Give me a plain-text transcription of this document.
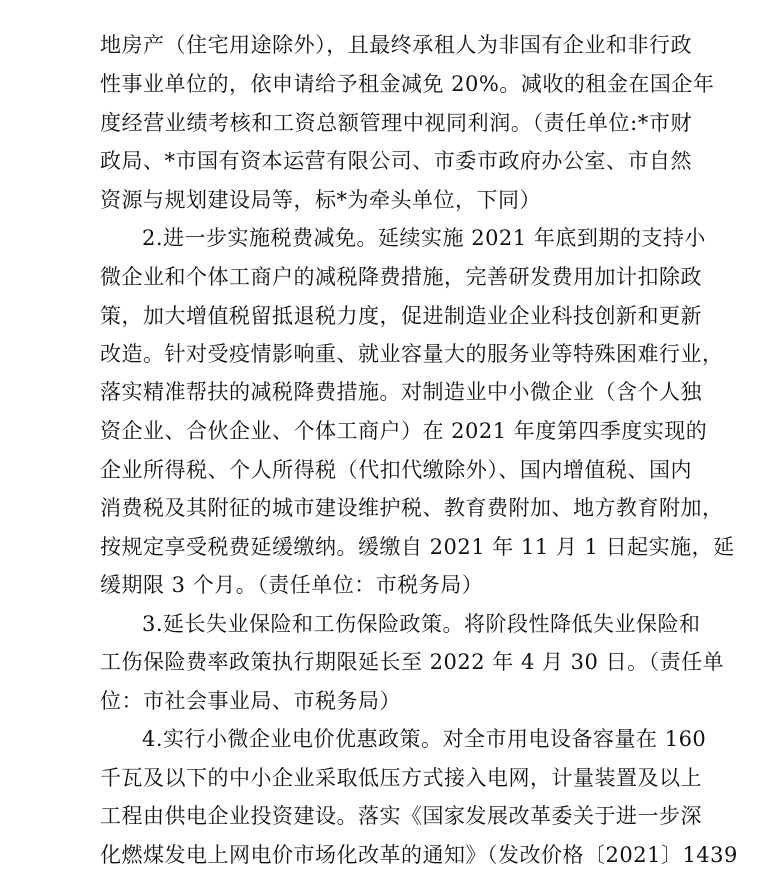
地房产（住宅用途除外），且最终承租人为非国有企业和非行政
性事业单位的，依申请给予租金减免 20%。减收的租金在国企年
度经营业绩考核和工资总额管理中视同利润。（责任单位:*市财
政局、*市国有资本运营有限公司、市委市政府办公室、市自然
资源与规划建设局等，标*为牵头单位，下同）
2.进一步实施税费减免。延续实施 2021 年底到期的支持小
微企业和个体工商户的减税降费措施，完善研发费用加计扣除政
策，加大增值税留抵退税力度，促进制造业企业科技创新和更新
改造。针对受疫情影响重、就业容量大的服务业等特殊困难行业，
落实精准帮扶的减税降费措施。对制造业中小微企业（含个人独
资企业、合伙企业、个体工商户）在 2021 年度第四季度实现的
企业所得税、个人所得税（代扣代缴除外）、国内增值税、国内
消费税及其附征的城市建设维护税、教育费附加、地方教育附加，
按规定享受税费延缓缴纳。缓缴自 2021 年 11 月 1 日起实施，延
缓期限 3 个月。（责任单位：市税务局）
3.延长失业保险和工伤保险政策。将阶段性降低失业保险和
工伤保险费率政策执行期限延长至 2022 年 4 月 30 日。（责任单
位：市社会事业局、市税务局）
4.实行小微企业电价优惠政策。对全市用电设备容量在 160
千瓦及以下的中小企业采取低压方式接入电网，计量装置及以上
工程由供电企业投资建设。落实《国家发展改革委关于进一步深
化燃煤发电上网电价市场化改革的通知》（发改价格〔2021〕1439
